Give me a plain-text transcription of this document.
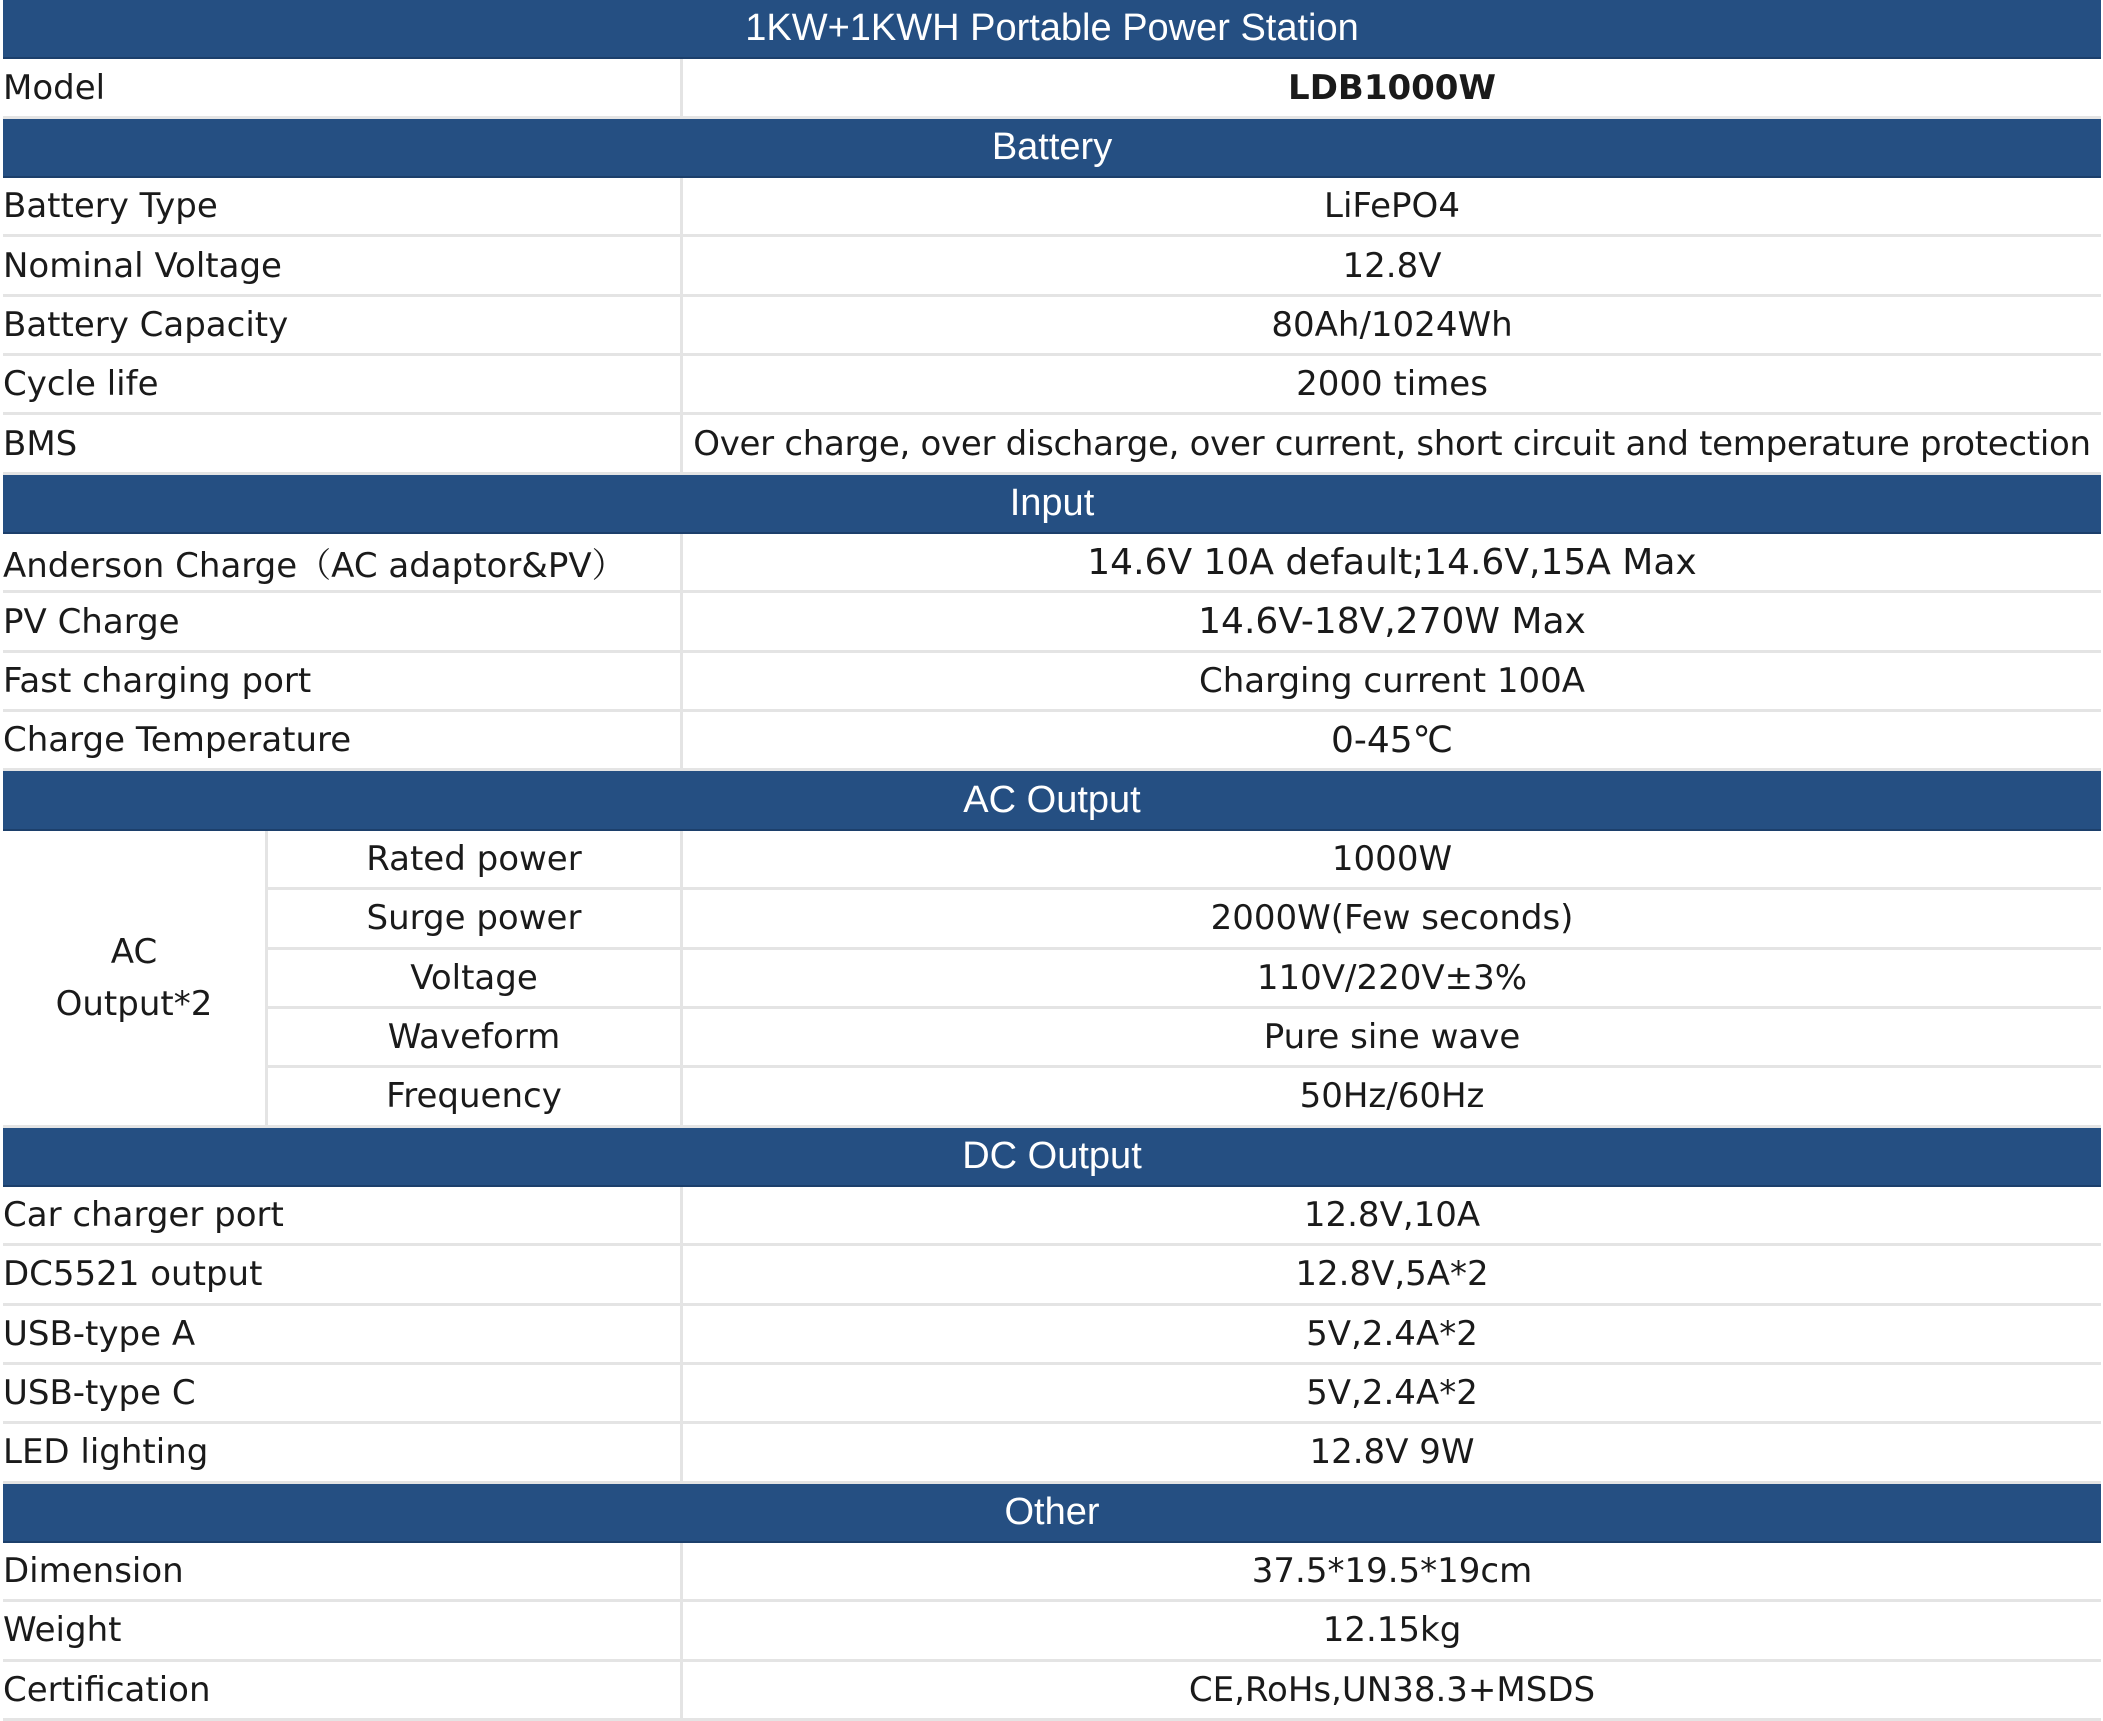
1KW+1KWH Portable Power Station		
Model		LDB1000W
Battery		
Battery Type		LiFePO4
Nominal Voltage		12.8V
Battery Capacity		80Ah/1024Wh
Cycle life		2000 times
BMS		Over charge, over discharge, over current, short circuit and temperature protection
Input		
Anderson Charge（AC adaptor&PV）		14.6V 10A default;14.6V,15A Max
PV Charge		14.6V-18V,270W Max
Fast charging port		Charging current 100A
Charge Temperature		0-45℃
AC Output		

AC
Output*2	Rated power	1000W
	Surge power	2000W(Few seconds)
	Voltage	110V/220V±3%
	Waveform	Pure sine wave
	Frequency	50Hz/60Hz
DC Output		
Car charger port		12.8V,10A
DC5521 output		12.8V,5A*2
USB-type A		5V,2.4A*2
USB-type C		5V,2.4A*2
LED lighting		12.8V 9W
Other		
Dimension		37.5*19.5*19cm
Weight		12.15kg
Certification		CE,RoHs,UN38.3+MSDS
